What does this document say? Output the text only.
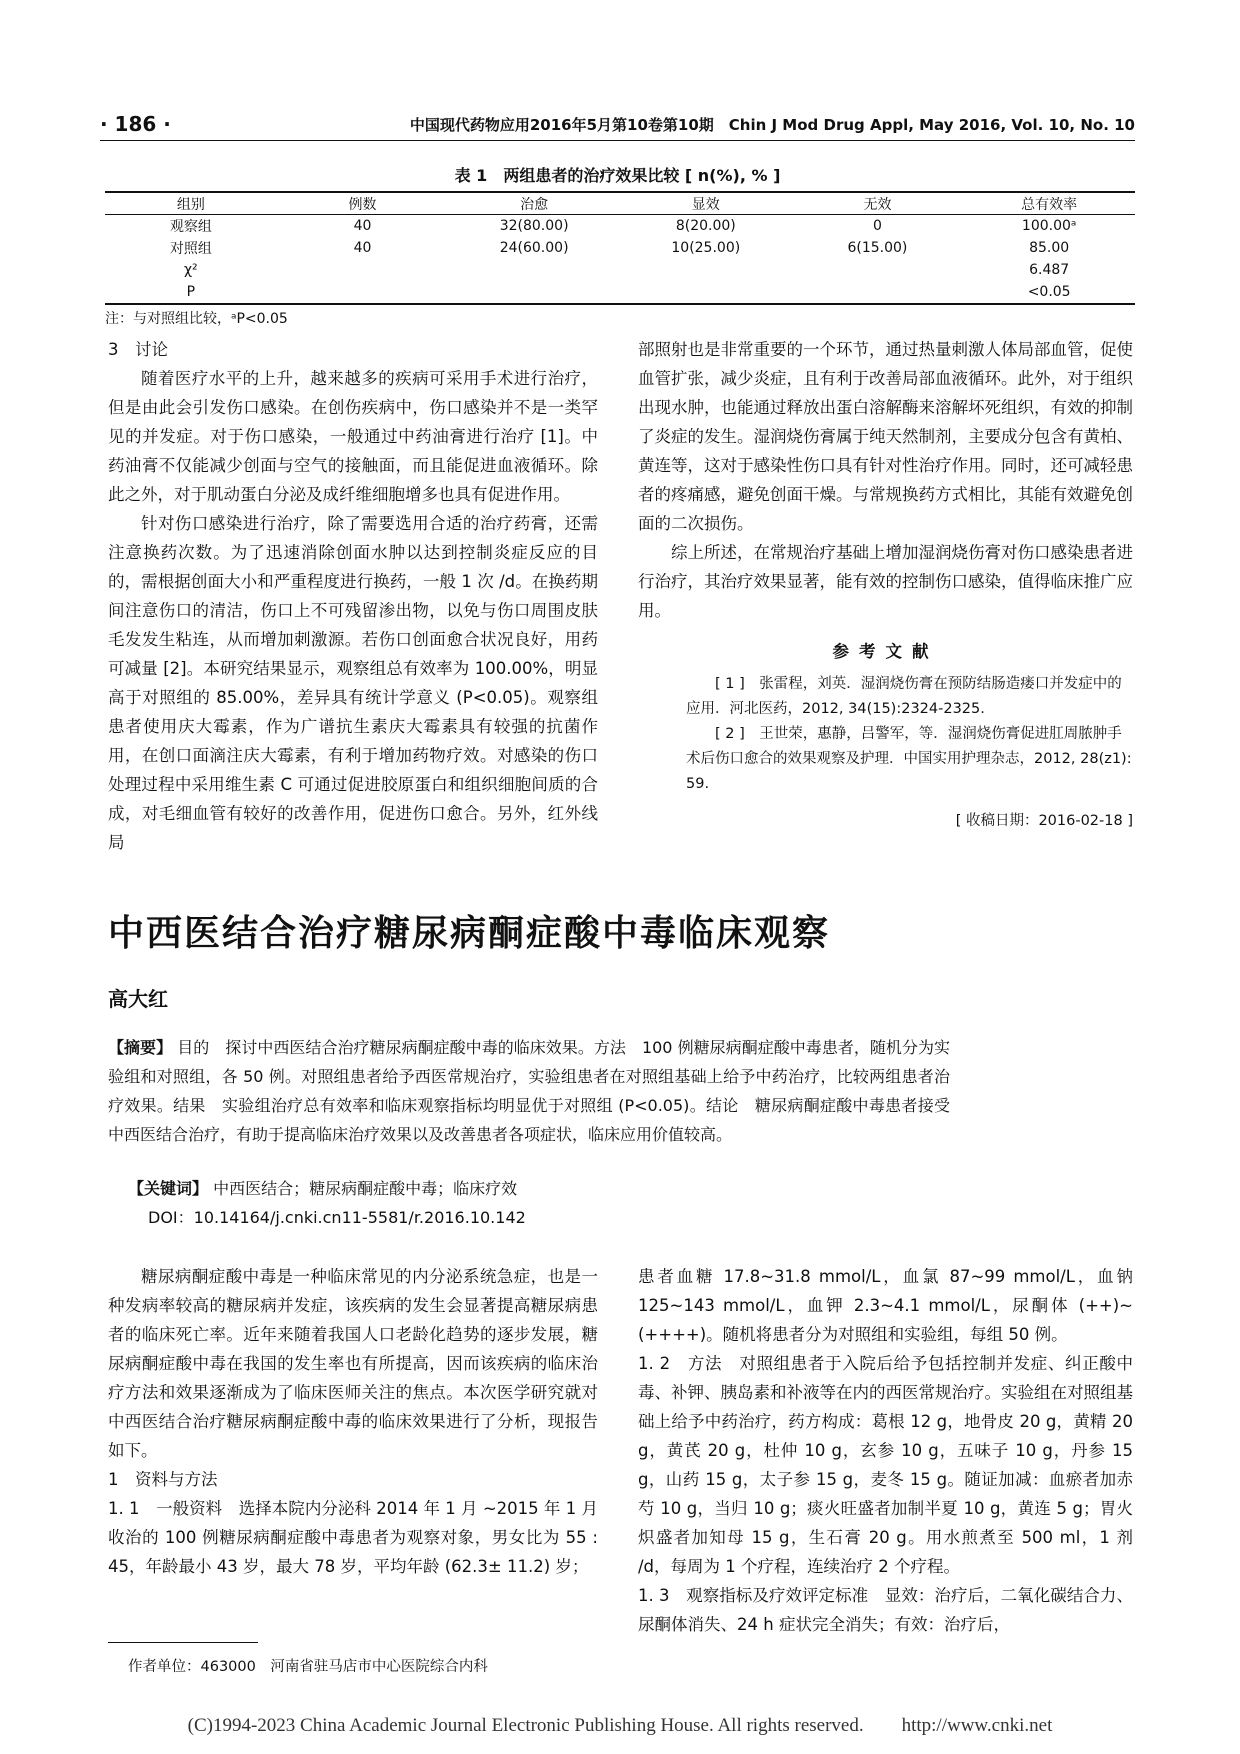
· 186 ·	中国现代药物应用2016年5月第10卷第10期　Chin J Mod Drug Appl, May 2016, Vol. 10, No. 10
表 1　两组患者的治疗效果比较 [ n(%), % ]
组别	例数	治愈	显效	无效	总有效率
观察组	40	32(80.00)	8(20.00)	0	100.00ᵃ
对照组	40	24(60.00)	10(25.00)	6(15.00)	85.00
χ²					6.487
P					<0.05
注：与对照组比较，ᵃP<0.05
3　讨论

随着医疗水平的上升，越来越多的疾病可采用手术进行治疗，但是由此会引发伤口感染。在创伤疾病中，伤口感染并不是一类罕见的并发症。对于伤口感染，一般通过中药油膏进行治疗 [1]。中药油膏不仅能减少创面与空气的接触面，而且能促进血液循环。除此之外，对于肌动蛋白分泌及成纤维细胞增多也具有促进作用。

针对伤口感染进行治疗，除了需要选用合适的治疗药膏，还需注意换药次数。为了迅速消除创面水肿以达到控制炎症反应的目的，需根据创面大小和严重程度进行换药，一般 1 次 /d。在换药期间注意伤口的清洁，伤口上不可残留渗出物，以免与伤口周围皮肤毛发发生粘连，从而增加刺激源。若伤口创面愈合状况良好，用药可减量 [2]。本研究结果显示，观察组总有效率为 100.00%，明显高于对照组的 85.00%，差异具有统计学意义 (P<0.05)。观察组患者使用庆大霉素，作为广谱抗生素庆大霉素具有较强的抗菌作用，在创口面滴注庆大霉素，有利于增加药物疗效。对感染的伤口处理过程中采用维生素 C 可通过促进胶原蛋白和组织细胞间质的合成，对毛细血管有较好的改善作用，促进伤口愈合。另外，红外线局

部照射也是非常重要的一个环节，通过热量刺激人体局部血管，促使血管扩张，减少炎症，且有利于改善局部血液循环。此外，对于组织出现水肿，也能通过释放出蛋白溶解酶来溶解坏死组织，有效的抑制了炎症的发生。湿润烧伤膏属于纯天然制剂，主要成分包含有黄柏、黄连等，这对于感染性伤口具有针对性治疗作用。同时，还可减轻患者的疼痛感，避免创面干燥。与常规换药方式相比，其能有效避免创面的二次损伤。

综上所述，在常规治疗基础上增加湿润烧伤膏对伤口感染患者进行治疗，其治疗效果显著，能有效的控制伤口感染，值得临床推广应用。

参考文献

[ 1 ]　张雷程，刘英．湿润烧伤膏在预防结肠造瘘口并发症中的应用．河北医药，2012, 34(15):2324-2325.

[ 2 ]　王世荣，惠静，吕警军，等．湿润烧伤膏促进肛周脓肿手术后伤口愈合的效果观察及护理．中国实用护理杂志，2012, 28(z1): 59.

[ 收稿日期：2016-02-18 ]
中西医结合治疗糖尿病酮症酸中毒临床观察
高大红
【摘要】 目的　探讨中西医结合治疗糖尿病酮症酸中毒的临床效果。方法　100 例糖尿病酮症酸中毒患者，随机分为实验组和对照组，各 50 例。对照组患者给予西医常规治疗，实验组患者在对照组基础上给予中药治疗，比较两组患者治疗效果。结果　实验组治疗总有效率和临床观察指标均明显优于对照组 (P<0.05)。结论　糖尿病酮症酸中毒患者接受中西医结合治疗，有助于提高临床治疗效果以及改善患者各项症状，临床应用价值较高。
【关键词】 中西医结合；糖尿病酮症酸中毒；临床疗效
DOI：10.14164/j.cnki.cn11-5581/r.2016.10.142

糖尿病酮症酸中毒是一种临床常见的内分泌系统急症，也是一种发病率较高的糖尿病并发症，该疾病的发生会显著提高糖尿病患者的临床死亡率。近年来随着我国人口老龄化趋势的逐步发展，糖尿病酮症酸中毒在我国的发生率也有所提高，因而该疾病的临床治疗方法和效果逐渐成为了临床医师关注的焦点。本次医学研究就对中西医结合治疗糖尿病酮症酸中毒的临床效果进行了分析，现报告如下。

1　资料与方法

1. 1　一般资料　选择本院内分泌科 2014 年 1 月 ~2015 年 1 月收治的 100 例糖尿病酮症酸中毒患者为观察对象，男女比为 55 : 45，年龄最小 43 岁，最大 78 岁，平均年龄 (62.3± 11.2) 岁；

患者血糖 17.8~31.8 mmol/L，血氯 87~99 mmol/L，血钠 125~143 mmol/L，血钾 2.3~4.1 mmol/L，尿酮体 (++)~(++++)。随机将患者分为对照组和实验组，每组 50 例。

1. 2　方法　对照组患者于入院后给予包括控制并发症、纠正酸中毒、补钾、胰岛素和补液等在内的西医常规治疗。实验组在对照组基础上给予中药治疗，药方构成：葛根 12 g，地骨皮 20 g，黄精 20 g，黄芪 20 g，杜仲 10 g，玄参 10 g，五味子 10 g，丹参 15 g，山药 15 g，太子参 15 g，麦冬 15 g。随证加减：血瘀者加赤芍 10 g，当归 10 g；痰火旺盛者加制半夏 10 g，黄连 5 g；胃火炽盛者加知母 15 g，生石膏 20 g。用水煎煮至 500 ml，1 剂 /d，每周为 1 个疗程，连续治疗 2 个疗程。

1. 3　观察指标及疗效评定标准　显效：治疗后，二氧化碳结合力、尿酮体消失、24 h 症状完全消失；有效：治疗后，

作者单位：463000　河南省驻马店市中心医院综合内科
(C)1994-2023 China Academic Journal Electronic Publishing House. All rights reserved.　　http://www.cnki.net
